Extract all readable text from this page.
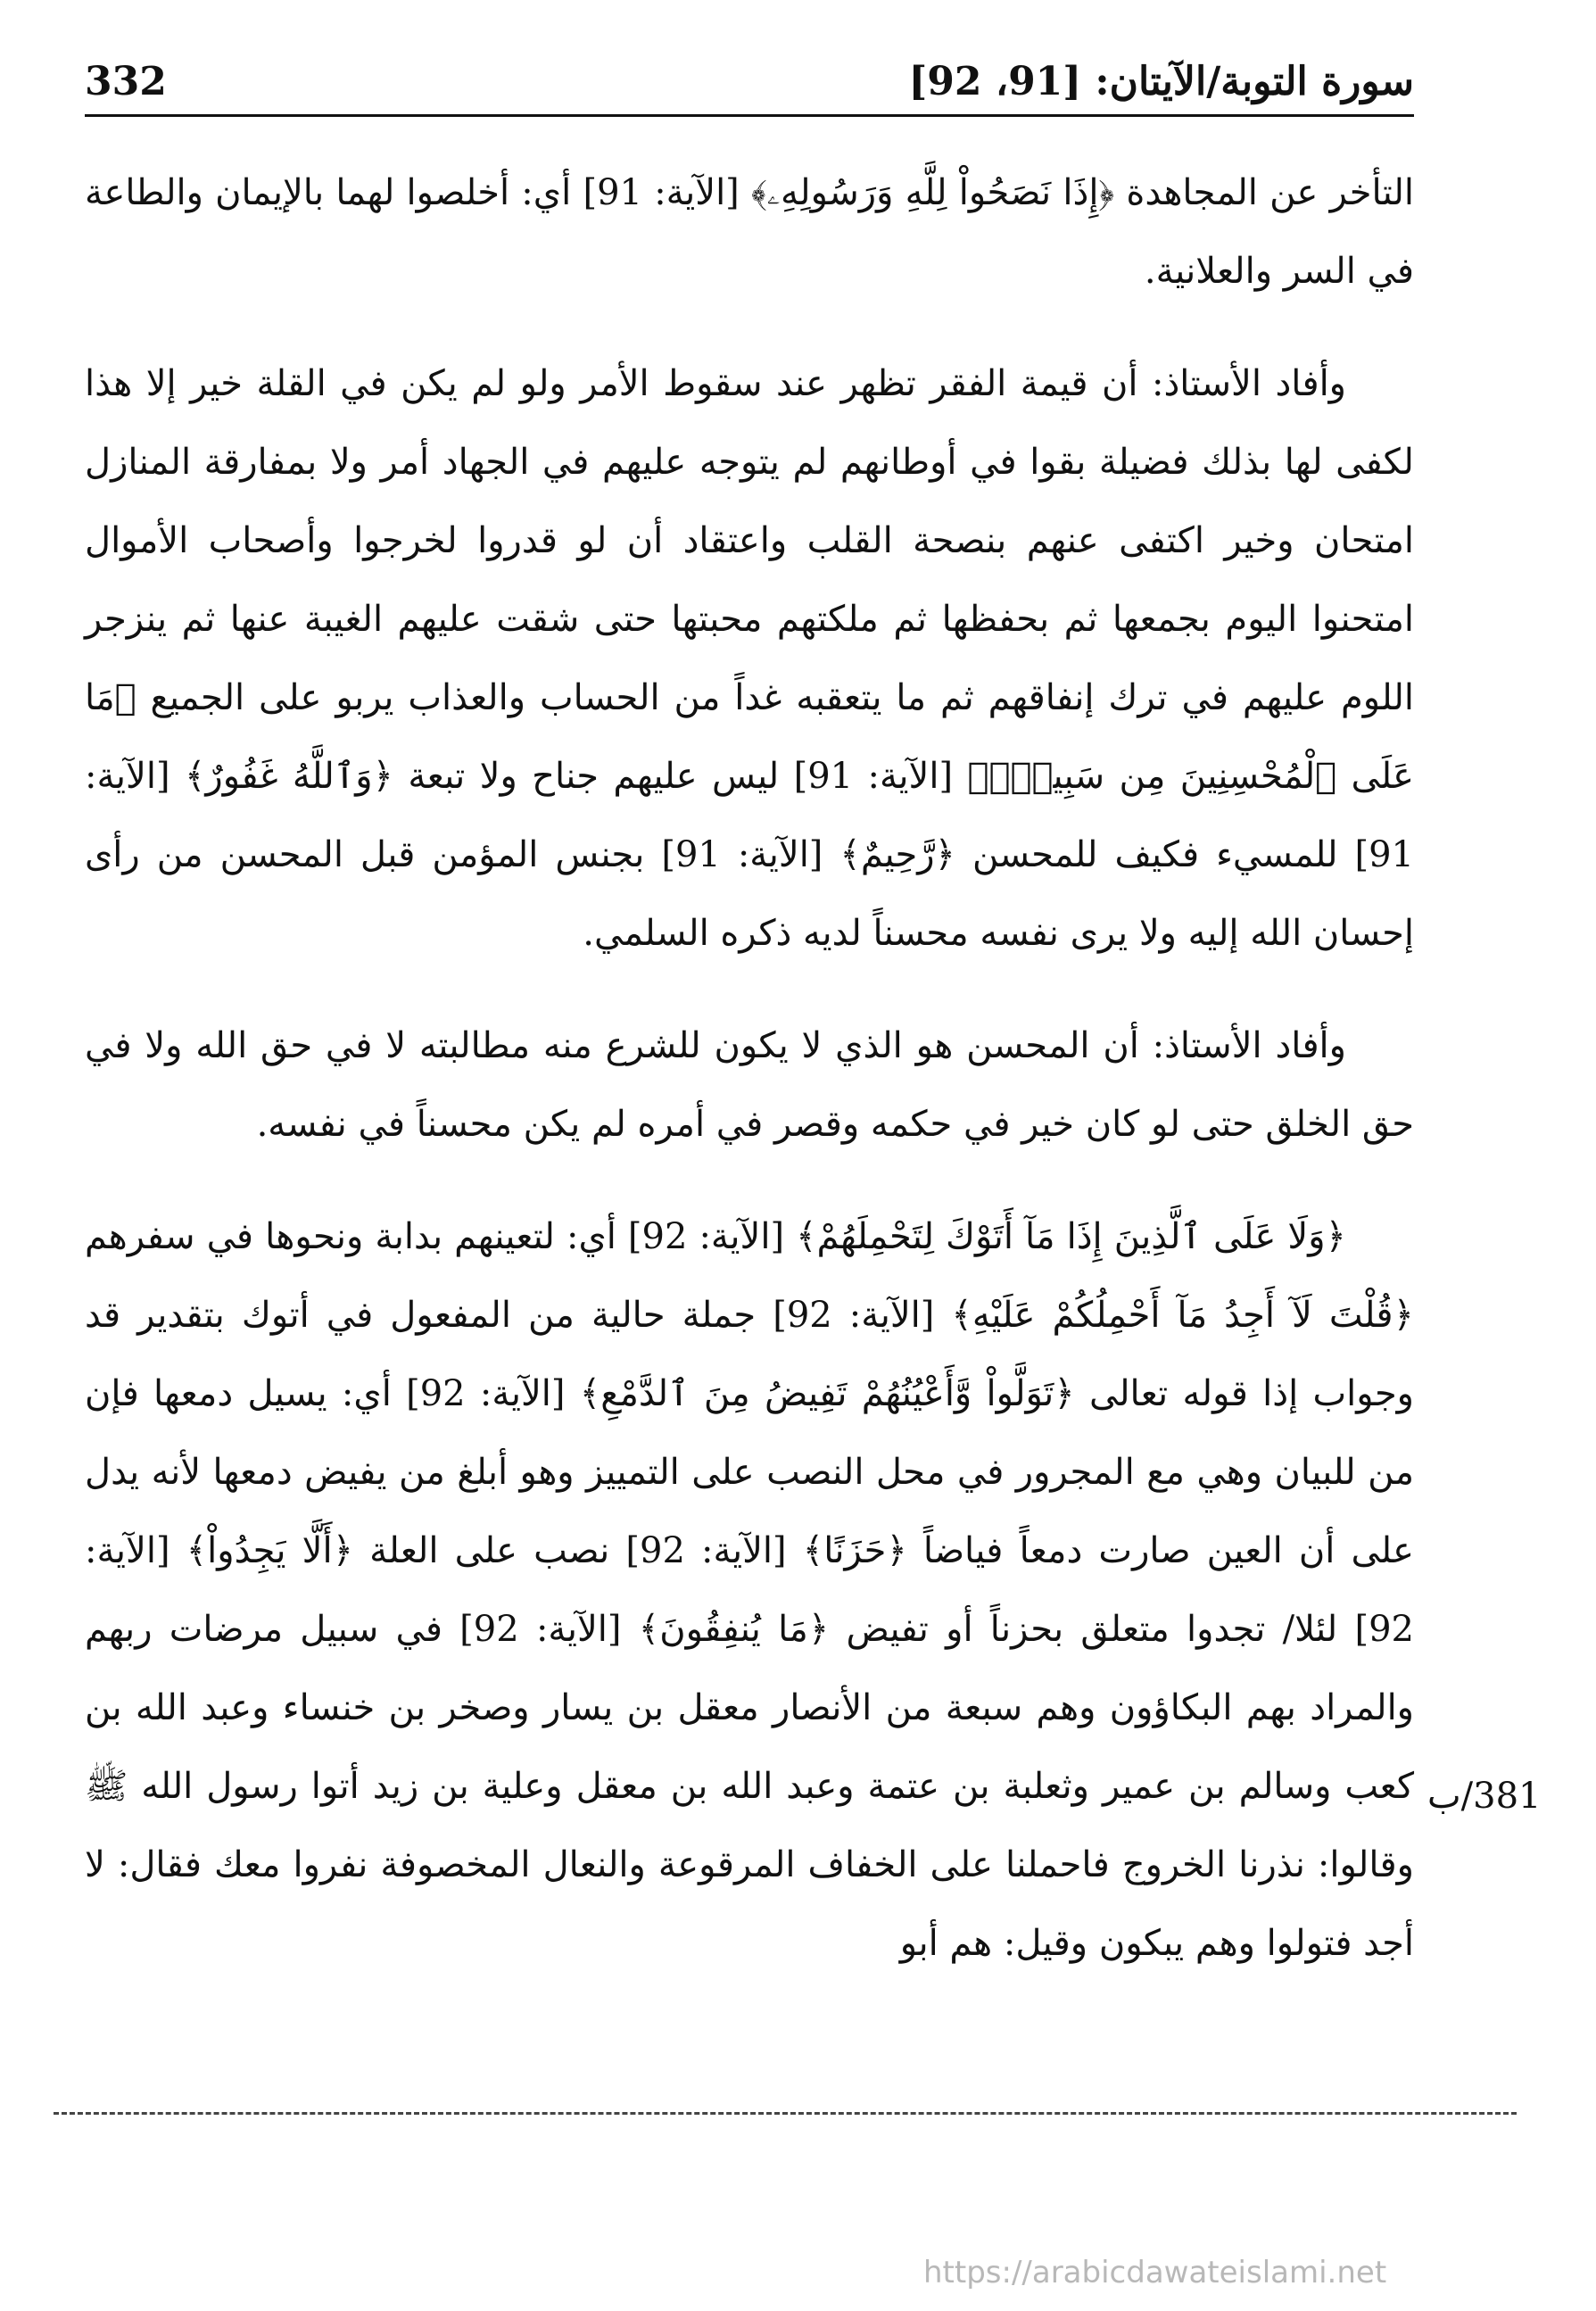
332	سورة التوبة/الآيتان: [91، 92]

التأخر عن المجاهدة ﴿إِذَا نَصَحُواْ لِلَّهِ وَرَسُولِهِۦ﴾ [الآية: 91] أي: أخلصوا لهما بالإيمان والطاعة في السر والعلانية.

وأفاد الأستاذ: أن قيمة الفقر تظهر عند سقوط الأمر ولو لم يكن في القلة خير إلا هذا لكفى لها بذلك فضيلة بقوا في أوطانهم لم يتوجه عليهم في الجهاد أمر ولا بمفارقة المنازل امتحان وخير اكتفى عنهم بنصحة القلب واعتقاد أن لو قدروا لخرجوا وأصحاب الأموال امتحنوا اليوم بجمعها ثم بحفظها ثم ملكتهم محبتها حتى شقت عليهم الغيبة عنها ثم ينزجر اللوم عليهم في ترك إنفاقهم ثم ما يتعقبه غداً من الحساب والعذاب يربو على الجميع ﴿مَا عَلَى ٱلْمُحْسِنِينَ مِن سَبِيلٍۚ﴾ [الآية: 91] ليس عليهم جناح ولا تبعة ﴿وَٱللَّهُ غَفُورٌ﴾ [الآية: 91] للمسيء فكيف للمحسن ﴿رَّحِيمٌ﴾ [الآية: 91] بجنس المؤمن قبل المحسن من رأى إحسان الله إليه ولا يرى نفسه محسناً لديه ذكره السلمي.

وأفاد الأستاذ: أن المحسن هو الذي لا يكون للشرع منه مطالبته لا في حق الله ولا في حق الخلق حتى لو كان خير في حكمه وقصر في أمره لم يكن محسناً في نفسه.

﴿وَلَا عَلَى ٱلَّذِينَ إِذَا مَآ أَتَوْكَ لِتَحْمِلَهُمْ﴾ [الآية: 92] أي: لتعينهم بدابة ونحوها في سفرهم ﴿قُلْتَ لَآ أَجِدُ مَآ أَحْمِلُكُمْ عَلَيْهِ﴾ [الآية: 92] جملة حالية من المفعول في أتوك بتقدير قد وجواب إذا قوله تعالى ﴿تَوَلَّواْ وَّأَعْيُنُهُمْ تَفِيضُ مِنَ ٱلدَّمْعِ﴾ [الآية: 92] أي: يسيل دمعها فإن من للبيان وهي مع المجرور في محل النصب على التمييز وهو أبلغ من يفيض دمعها لأنه يدل على أن العين صارت دمعاً فياضاً ﴿حَزَنًا﴾ [الآية: 92] نصب على العلة ﴿أَلَّا يَجِدُواْ﴾ [الآية: 92] لئلا/ تجدوا متعلق بحزناً أو تفيض ﴿مَا يُنفِقُونَ﴾ [الآية: 92] في سبيل مرضات ربهم والمراد بهم البكاؤون وهم سبعة من الأنصار معقل بن يسار وصخر بن خنساء وعبد الله بن كعب وسالم بن عمير وثعلبة بن عتمة وعبد الله بن معقل وعلية بن زيد أتوا رسول الله ﷺ وقالوا: نذرنا الخروج فاحملنا على الخفاف المرقوعة والنعال المخصوفة نفروا معك فقال: لا أجد فتولوا وهم يبكون وقيل: هم أبو

381/ب
https://arabicdawateislami.net
